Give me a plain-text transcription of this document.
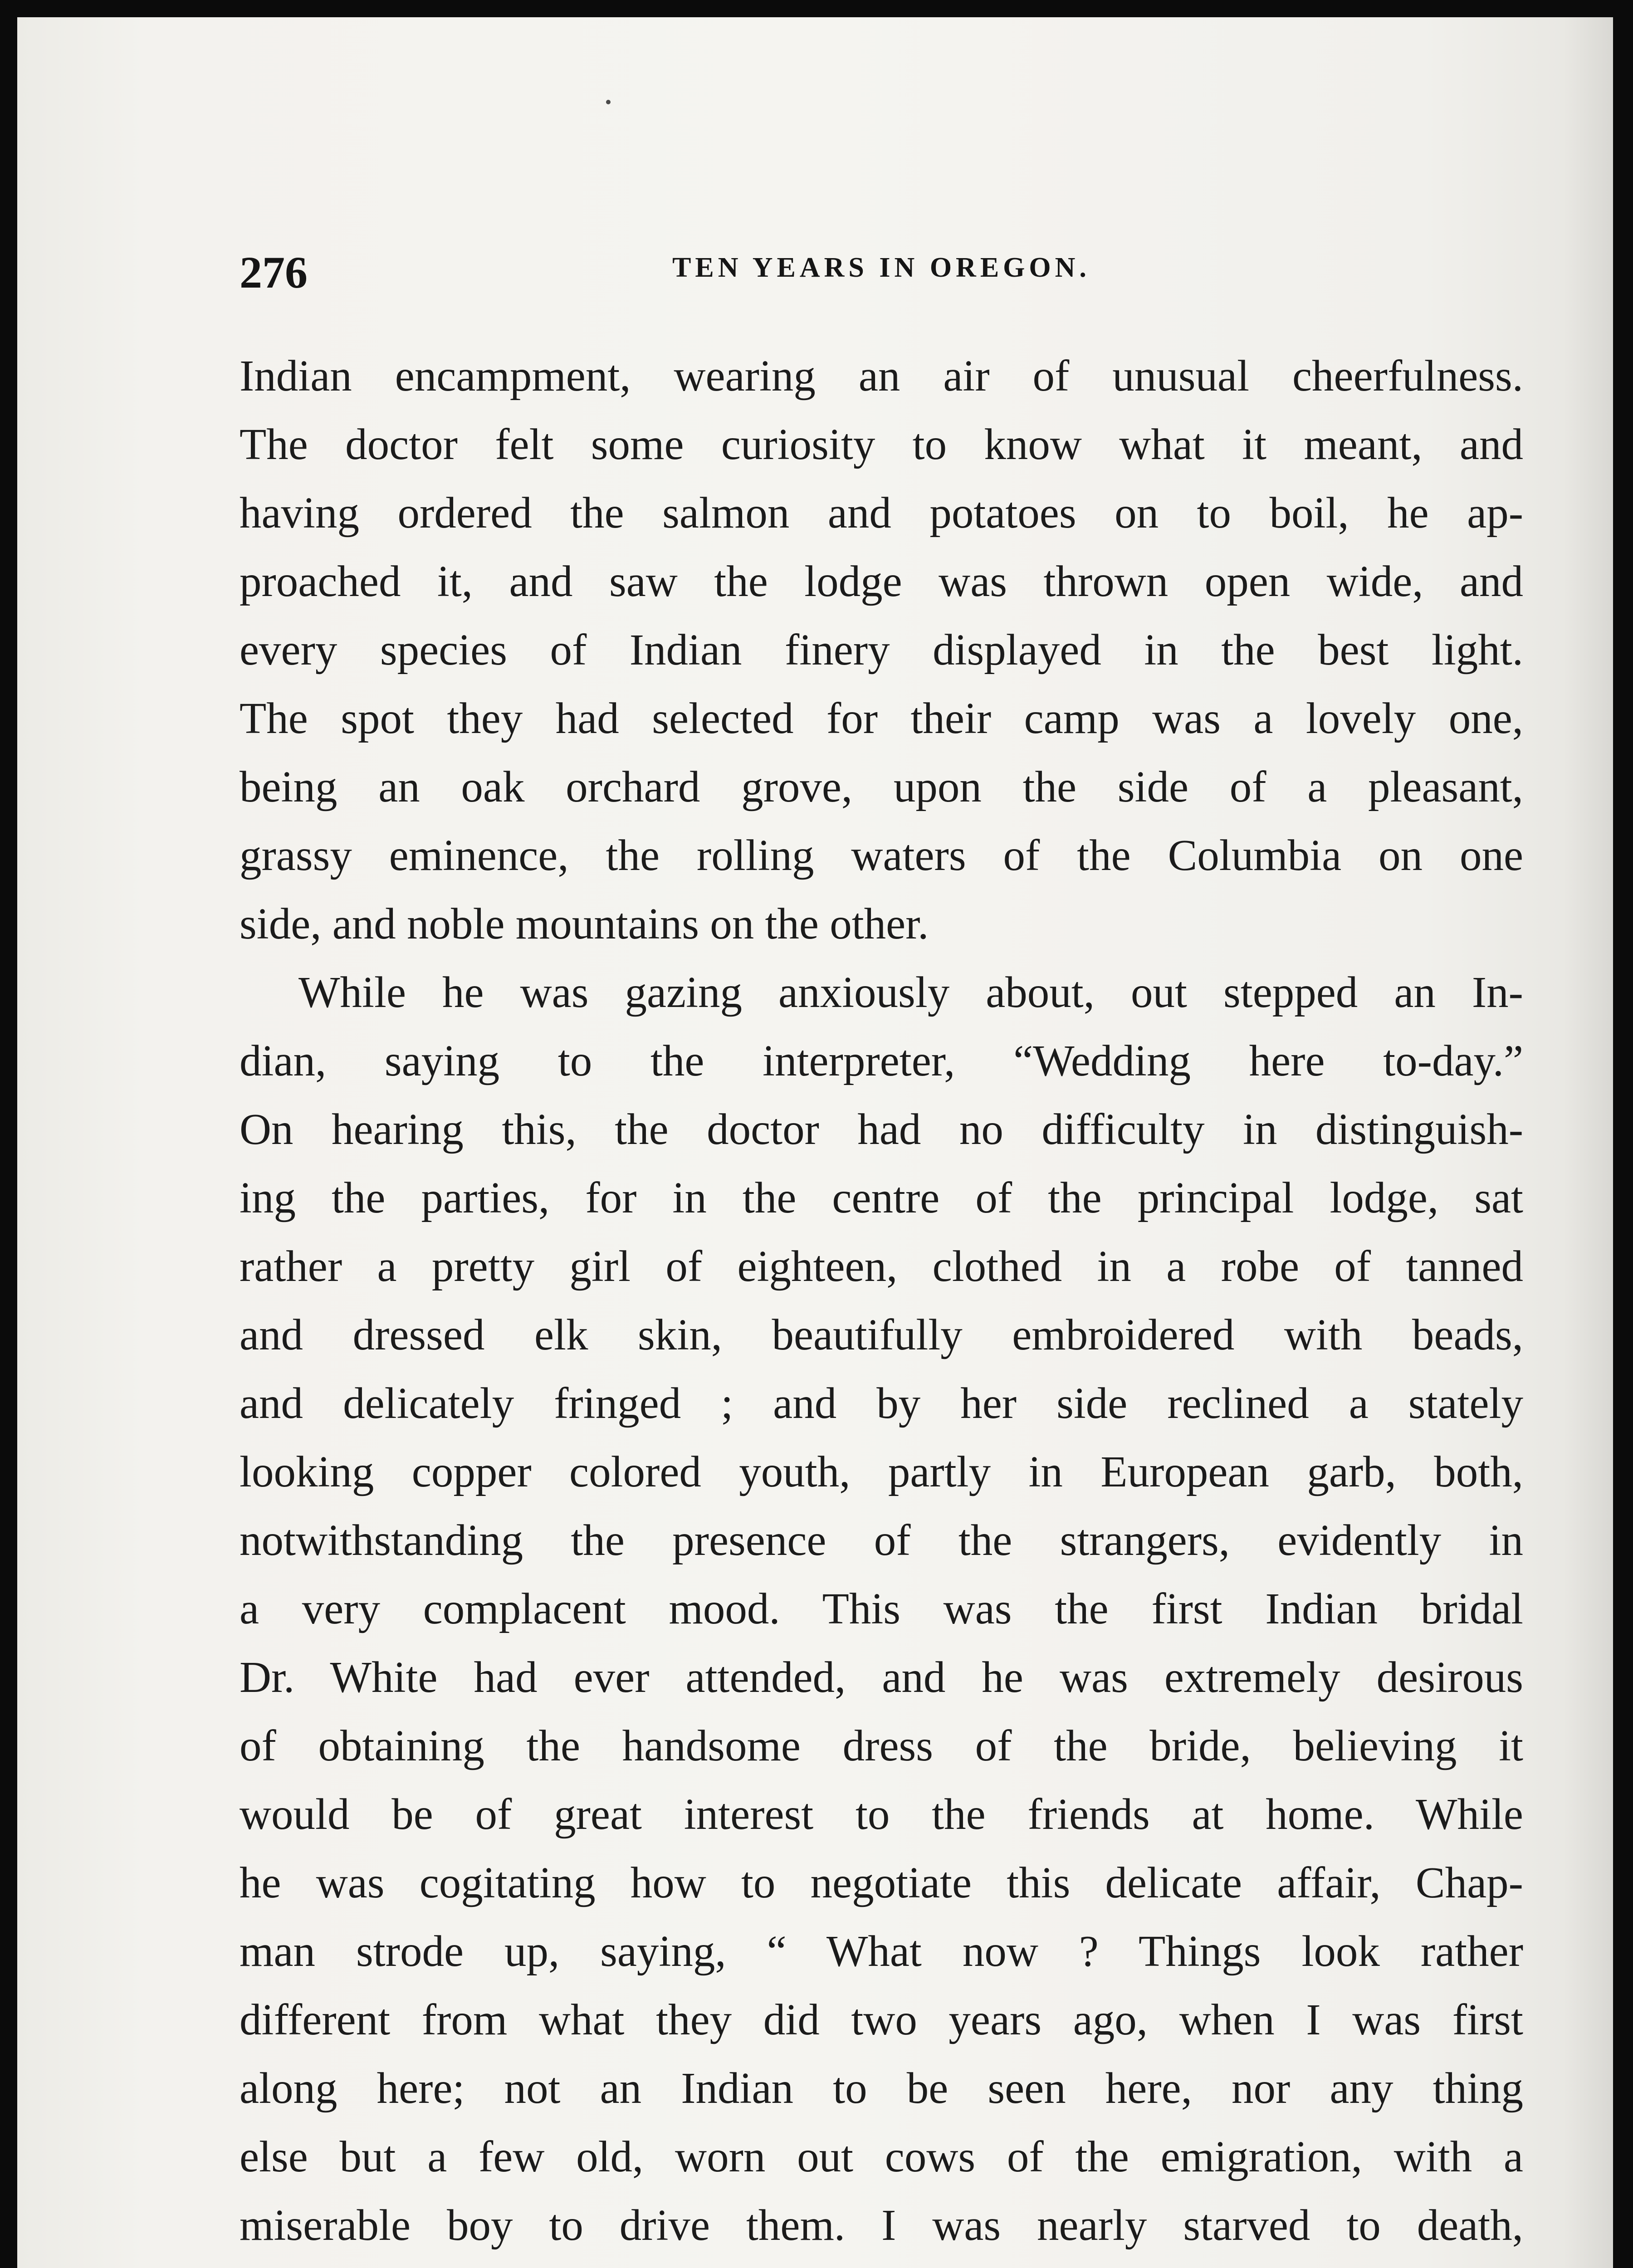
276	TEN YEARS IN OREGON.
Indian encampment, wearing an air of unusual cheerfulness.
The doctor felt some curiosity to know what it meant, and
having ordered the salmon and potatoes on to boil, he ap-
proached it, and saw the lodge was thrown open wide, and
every species of Indian finery displayed in the best light.
The spot they had selected for their camp was a lovely one,
being an oak orchard grove, upon the side of a pleasant,
grassy eminence, the rolling waters of the Columbia on one
side, and noble mountains on the other.
While he was gazing anxiously about, out stepped an In-
dian, saying to the interpreter, “Wedding here to-day.”
On hearing this, the doctor had no difficulty in distinguish-
ing the parties, for in the centre of the principal lodge, sat
rather a pretty girl of eighteen, clothed in a robe of tanned
and dressed elk skin, beautifully embroidered with beads,
and delicately fringed ; and by her side reclined a stately
looking copper colored youth, partly in European garb, both,
notwithstanding the presence of the strangers, evidently in
a very complacent mood. This was the first Indian bridal
Dr. White had ever attended, and he was extremely desirous
of obtaining the handsome dress of the bride, believing it
would be of great interest to the friends at home. While
he was cogitating how to negotiate this delicate affair, Chap-
man strode up, saying, “ What now ? Things look rather
different from what they did two years ago, when I was first
along here; not an Indian to be seen here, nor any thing
else but a few old, worn out cows of the emigration, with a
miserable boy to drive them. I was nearly starved to death,
